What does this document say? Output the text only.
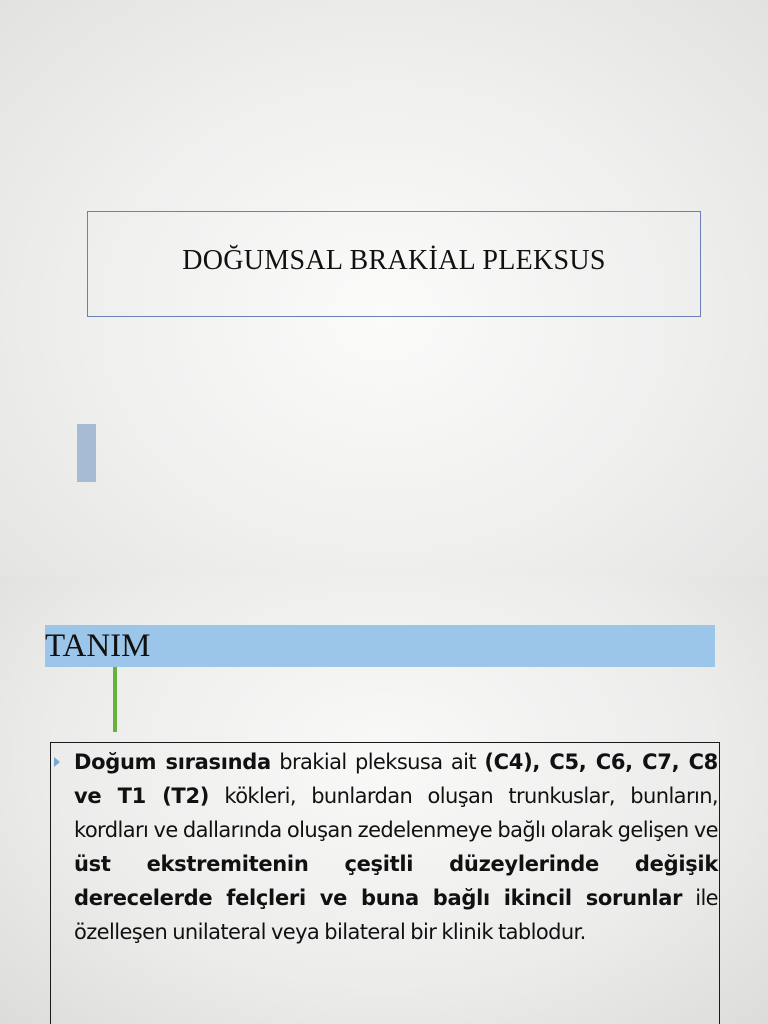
DOĞUMSAL BRAKİAL PLEKSUS
TANIM

Doğum sırasında brakial pleksusa ait (C4), C5, C6, C7, C8 ve T1 (T2) kökleri, bunlardan oluşan trunkuslar, bunların, kordları ve dallarında oluşan zedelenmeye bağlı olarak gelişen ve üst ekstremitenin çeşitli düzeylerinde değişik derecelerde felçleri ve buna bağlı ikincil sorunlar ile özelleşen unilateral veya bilateral bir klinik tablodur.
